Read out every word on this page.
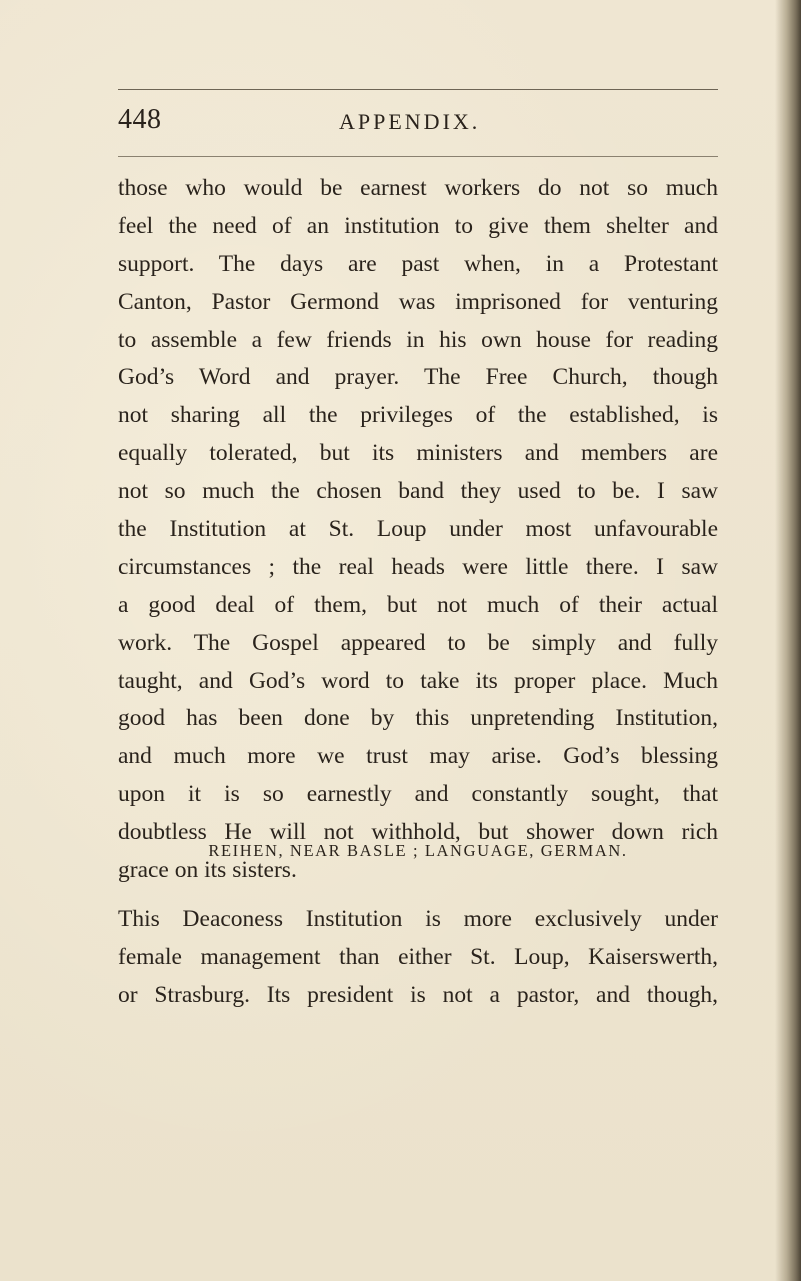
448	APPENDIX.
those who would be earnest workers do not so much
feel the need of an institution to give them shelter and
support. The days are past when, in a Protestant
Canton, Pastor Germond was imprisoned for venturing
to assemble a few friends in his own house for reading
God’s Word and prayer. The Free Church, though
not sharing all the privileges of the established, is
equally tolerated, but its ministers and members are
not so much the chosen band they used to be. I saw
the Institution at St. Loup under most unfavourable
circumstances ; the real heads were little there. I saw
a good deal of them, but not much of their actual
work. The Gospel appeared to be simply and fully
taught, and God’s word to take its proper place. Much
good has been done by this unpretending Institution,
and much more we trust may arise. God’s blessing
upon it is so earnestly and constantly sought, that
doubtless He will not withhold, but shower down rich
grace on its sisters.
REIHEN, NEAR BASLE ; LANGUAGE, GERMAN.
This Deaconess Institution is more exclusively under
female management than either St. Loup, Kaiserswerth,
or Strasburg. Its president is not a pastor, and though,
